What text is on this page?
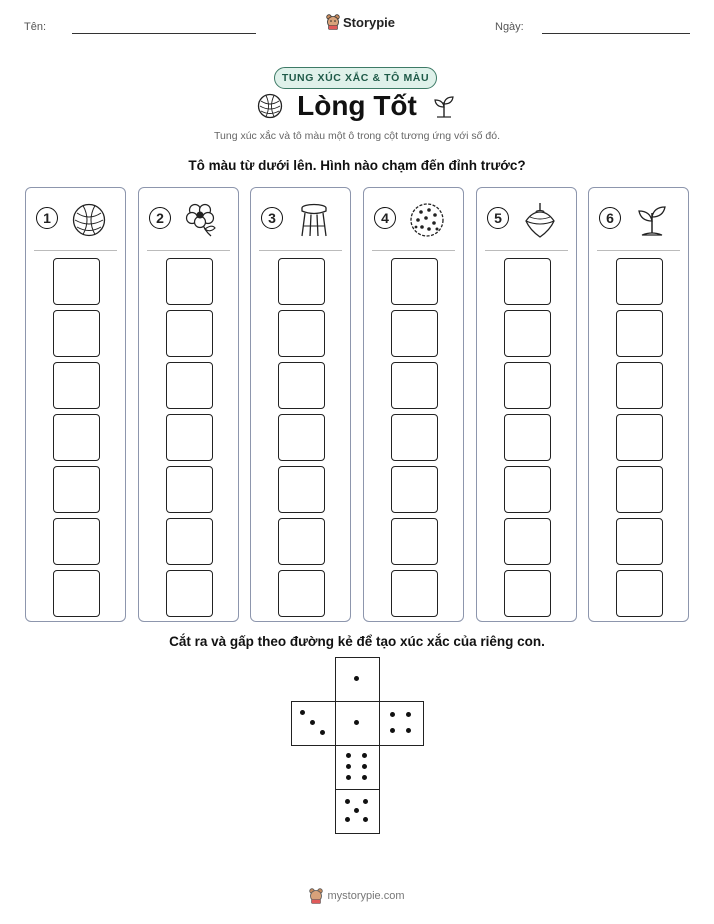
Tên:	Storypie	Ngày:
TUNG XÚC XẮC & TÔ MÀU
Lòng Tốt
Tung xúc xắc và tô màu một ô trong cột tương ứng với số đó.
Tô màu từ dưới lên. Hình nào chạm đến đỉnh trước?
1	2	3	4	5	6
Cắt ra và gấp theo đường kẻ để tạo xúc xắc của riêng con.
mystorypie.com
